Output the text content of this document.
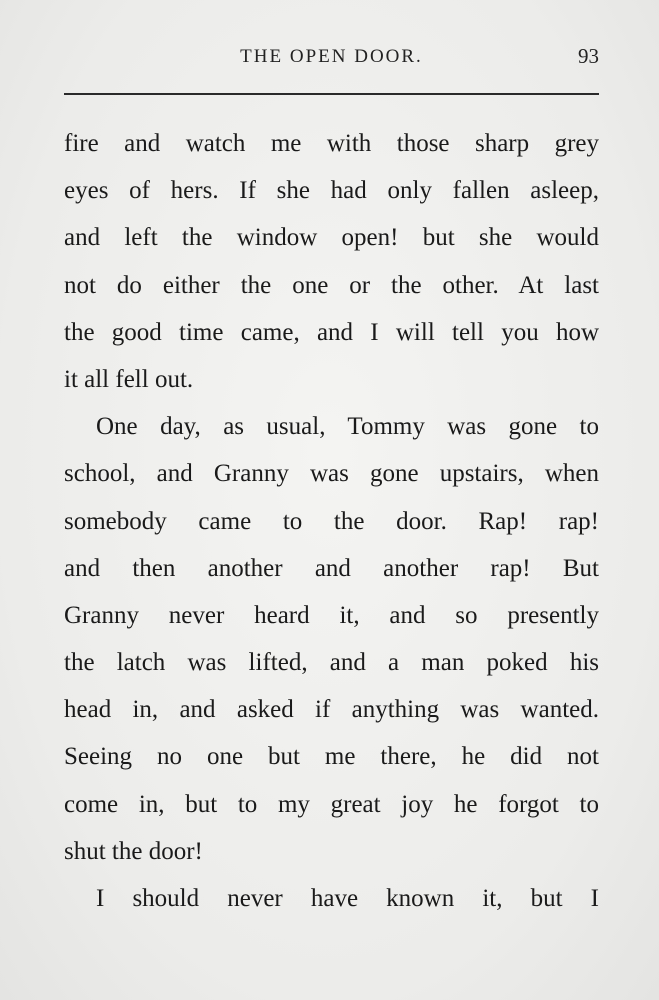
THE OPEN DOOR.	93
fire and watch me with those sharp grey
eyes of hers. If she had only fallen asleep,
and left the window open! but she would
not do either the one or the other. At last
the good time came, and I will tell you how
it all fell out.
One day, as usual, Tommy was gone to
school, and Granny was gone upstairs, when
somebody came to the door. Rap! rap!
and then another and another rap! But
Granny never heard it, and so presently
the latch was lifted, and a man poked his
head in, and asked if anything was wanted.
Seeing no one but me there, he did not
come in, but to my great joy he forgot to
shut the door!
I should never have known it, but I
